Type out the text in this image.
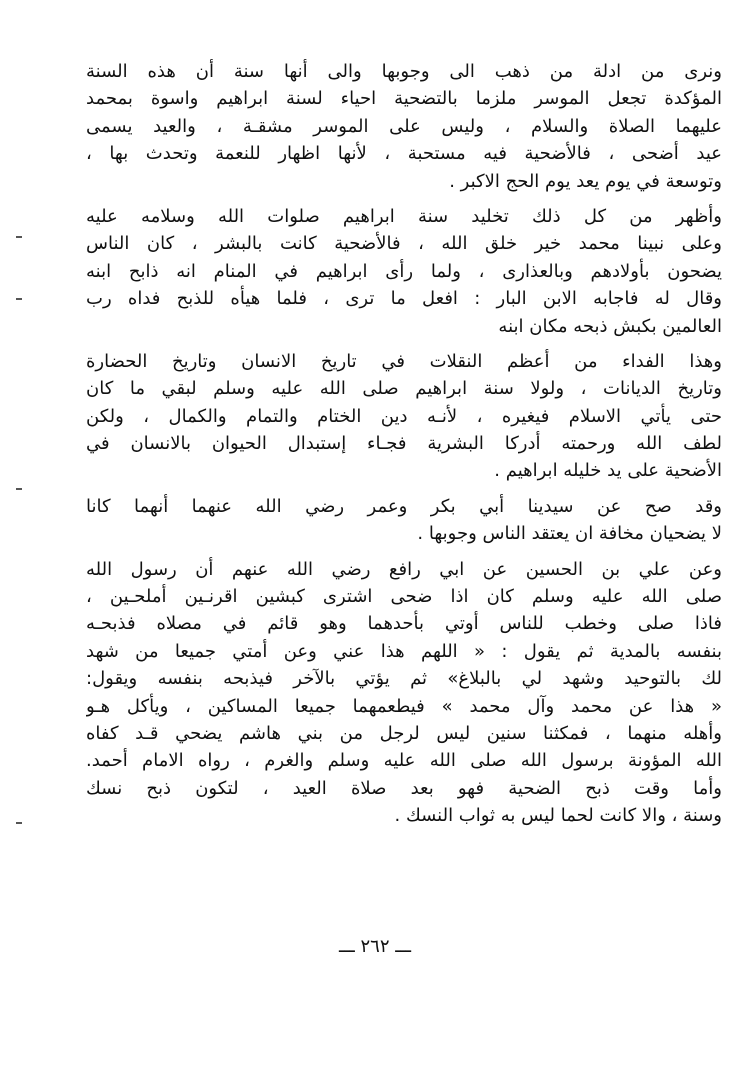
ونرى من ادلة من ذهب الى وجوبها والى أنها سنة أن هذه السنة
المؤكدة تجعل الموسر ملزما بالتضحية احياء لسنة ابراهيم واسوة بمحمد
عليهما الصلاة والسلام ، وليس على الموسر مشقـة ، والعيد يسمى
عيد أضحى ، فالأضحية فيه مستحبة ، لأنها اظهار للنعمة وتحدث بها ،
وتوسعة في يوم يعد يوم الحج الاكبر .
وأظهر من كل ذلك تخليد سنة ابراهيم صلوات الله وسلامه عليه
وعلى نبينا محمد خير خلق الله ، فالأضحية كانت بالبشر ، كان الناس
يضحون بأولادهم وبالعذارى ، ولما رأى ابراهيم في المنام انه ذابح ابنه
وقال له فاجابه الابن البار : افعل ما ترى ، فلما هيأه للذبح فداه رب
العالمين بكبش ذبحه مكان ابنه
وهذا الفداء من أعظم النقلات في تاريخ الانسان وتاريخ الحضارة
وتاريخ الديانات ، ولولا سنة ابراهيم صلى الله عليه وسلم لبقي ما كان
حتى يأتي الاسلام فيغيره ، لأنـه دين الختام والتمام والكمال ، ولكن
لطف الله ورحمته أدركا البشرية فجـاء إستبدال الحيوان بالانسان في
الأضحية على يد خليله ابراهيم .
وقد صح عن سيدينا أبي بكر وعمر رضي الله عنهما أنهما كانا
لا يضحيان مخافة ان يعتقد الناس وجوبها .
وعن علي بن الحسين عن ابي رافع رضي الله عنهم أن رسول الله
صلى الله عليه وسلم كان اذا ضحى اشترى كبشين اقرنـين أملحـين ،
فاذا صلى وخطب للناس أوتي بأحدهما وهو قائم في مصلاه فذبحـه
بنفسه بالمدية ثم يقول : « اللهم هذا عني وعن أمتي جميعا من شهد
لك بالتوحيد وشهد لي بالبلاغ» ثم يؤتي بالآخر فيذبحه بنفسه ويقول:
« هذا عن محمد وآل محمد » فيطعمهما جميعا المساكين ، ويأكل هـو
وأهله منهما ، فمكثنا سنين ليس لرجل من بني هاشم يضحي قـد كفاه
الله المؤونة برسول الله صلى الله عليه وسلم والغرم ، رواه الامام أحمد.
وأما وقت ذبح الضحية فهو بعد صلاة العيد ، لتكون ذبح نسك
وسنة ، والا كانت لحما ليس به ثواب النسك .
ـــ ٢٦٢ ـــ
